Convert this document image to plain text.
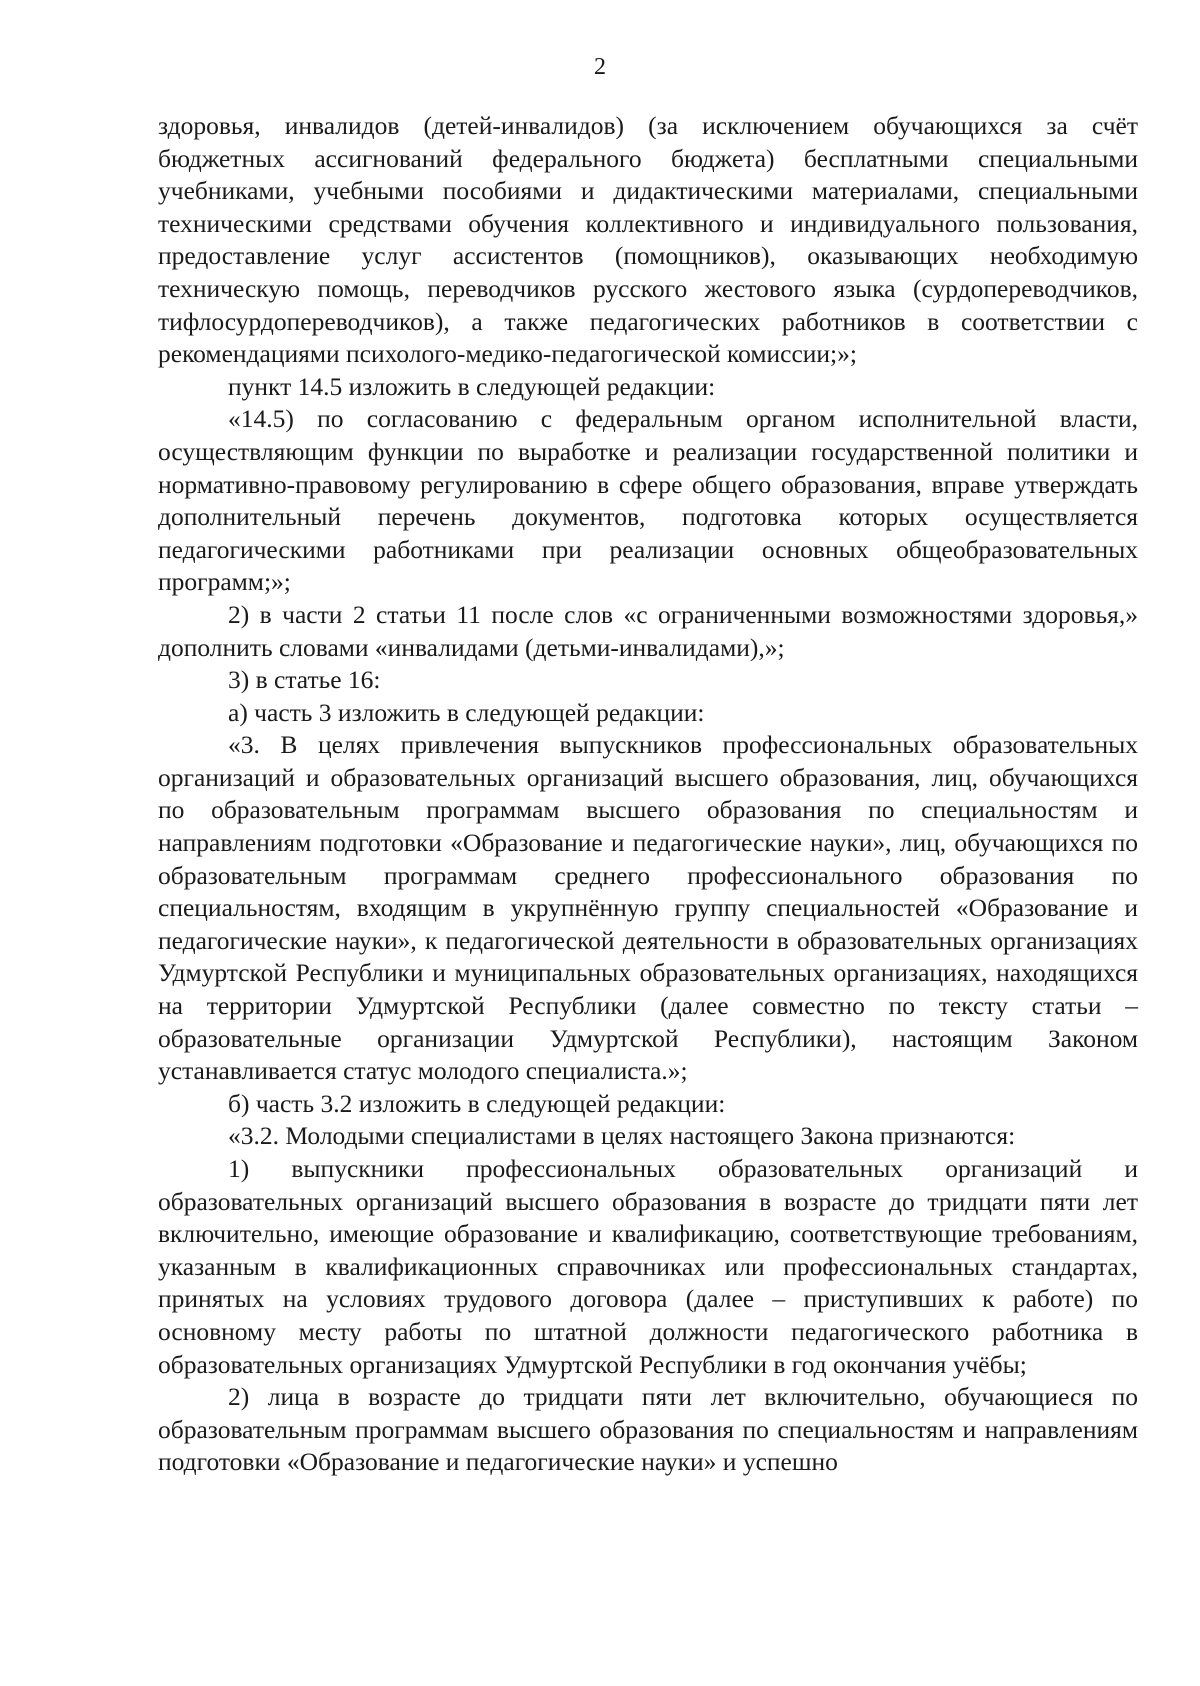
2

здоровья, инвалидов (детей-инвалидов) (за исключением обучающихся за счёт бюджетных ассигнований федерального бюджета) бесплатными специальными учебниками, учебными пособиями и дидактическими материалами, специальными техническими средствами обучения коллективного и индивидуального пользования, предоставление услуг ассистентов (помощников), оказывающих необходимую техническую помощь, переводчиков русского жестового языка (сурдопереводчиков, тифлосурдопереводчиков), а также педагогических работников в соответствии с рекомендациями психолого-медико-педагогической комиссии;»;

пункт 14.5 изложить в следующей редакции:

«14.5) по согласованию с федеральным органом исполнительной власти, осуществляющим функции по выработке и реализации государственной политики и нормативно-правовому регулированию в сфере общего образования, вправе утверждать дополнительный перечень документов, подготовка которых осуществляется педагогическими работниками при реализации основных общеобразовательных программ;»;

2) в части 2 статьи 11 после слов «с ограниченными возможностями здоровья,» дополнить словами «инвалидами (детьми-инвалидами),»;

3) в статье 16:

а) часть 3 изложить в следующей редакции:

«3. В целях привлечения выпускников профессиональных образовательных организаций и образовательных организаций высшего образования, лиц, обучающихся по образовательным программам высшего образования по специальностям и направлениям подготовки «Образование и педагогические науки», лиц, обучающихся по образовательным программам среднего профессионального образования по специальностям, входящим в укрупнённую группу специальностей «Образование и педагогические науки», к педагогической деятельности в образовательных организациях Удмуртской Республики и муниципальных образовательных организациях, находящихся на территории Удмуртской Республики (далее совместно по тексту статьи – образовательные организации Удмуртской Республики), настоящим Законом устанавливается статус молодого специалиста.»;

б) часть 3.2 изложить в следующей редакции:

«3.2. Молодыми специалистами в целях настоящего Закона признаются:

1) выпускники профессиональных образовательных организаций и образовательных организаций высшего образования в возрасте до тридцати пяти лет включительно, имеющие образование и квалификацию, соответствующие требованиям, указанным в квалификационных справочниках или профессиональных стандартах, принятых на условиях трудового договора (далее – приступивших к работе) по основному месту работы по штатной должности педагогического работника в образовательных организациях Удмуртской Республики в год окончания учёбы;

2) лица в возрасте до тридцати пяти лет включительно, обучающиеся по образовательным программам высшего образования по специальностям и направлениям подготовки «Образование и педагогические науки» и успешно
